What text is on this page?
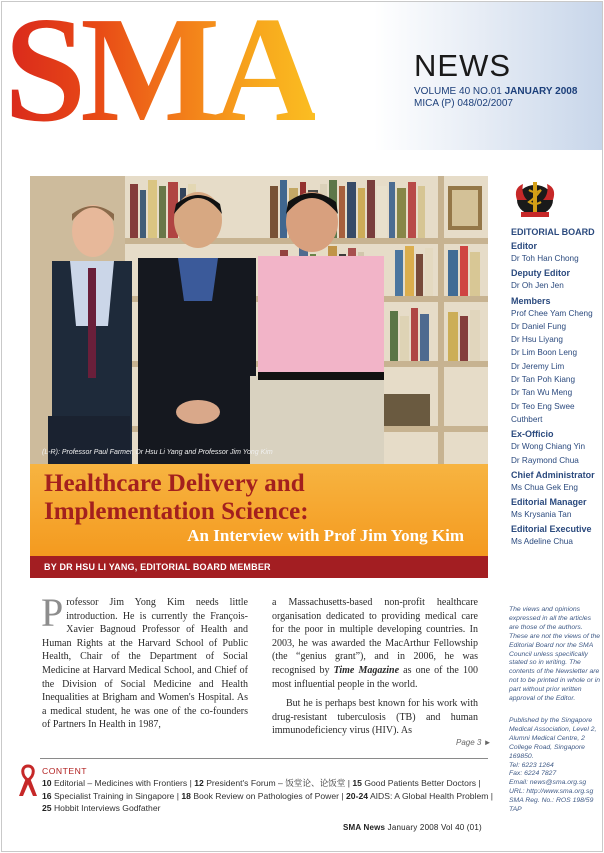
SMA	NEWS
VOLUME 40 NO.01 JANUARY 2008
MICA (P) 048/02/2007
(L-R): Professor Paul Farmer, Dr Hsu Li Yang and Professor Jim Yong Kim
Healthcare Delivery and
Implementation Science:
An Interview with Prof Jim Yong Kim
BY DR HSU LI YANG, EDITORIAL BOARD MEMBER
EDITORIAL BOARD
Editor
Dr Toh Han Chong
Deputy Editor
Dr Oh Jen Jen
Members
Prof Chee Yam Cheng
Dr Daniel Fung
Dr Hsu Liyang
Dr Lim Boon Leng
Dr Jeremy Lim
Dr Tan Poh Kiang
Dr Tan Wu Meng
Dr Teo Eng Swee Cuthbert
Ex-Officio
Dr Wong Chiang Yin
Dr Raymond Chua
Chief Administrator
Ms Chua Gek Eng
Editorial Manager
Ms Krysania Tan
Editorial Executive
Ms Adeline Chua
The views and opinions expressed in all the articles are those of the authors. These are not the views of the Editorial Board nor the SMA Council unless specifically stated so in writing. The contents of the Newsletter are not to be printed in whole or in part without prior written approval of the Editor.
Published by the Singapore Medical Association, Level 2, Alumni Medical Centre, 2 College Road, Singapore 169850.
Tel: 6223 1264
Fax: 6224 7827
Email: news@sma.org.sg
URL: http://www.sma.org.sg
SMA Reg. No.: ROS 198/59 TAP
P rofessor Jim Yong Kim needs little introduction. He is currently the François-Xavier Bagnoud Professor of Health and Human Rights at the Harvard School of Public Health, Chair of the Department of Social Medicine at Harvard Medical School, and Chief of the Division of Social Medicine and Health Inequalities at Brigham and Women's Hospital. As a medical student, he was one of the co-founders of Partners In Health in 1987,

a Massachusetts-based non-profit healthcare organisation dedicated to providing medical care for the poor in multiple developing countries. In 2003, he was awarded the MacArthur Fellowship (the “genius grant”), and in 2006, he was recognised by Time Magazine as one of the 100 most influential people in the world.

But he is perhaps best known for his work with drug-resistant tuberculosis (TB) and human immunodeficiency virus (HIV). As

Page 3 ►
CONTENT
10 Editorial – Medicines with Frontiers | 12 President's Forum – 饭堂论、论饭堂 | 15 Good Patients Better Doctors |
16 Specialist Training in Singapore | 18 Book Review on Pathologies of Power | 20-24 AIDS: A Global Health Problem |
25 Hobbit Interviews Godfather
SMA News January 2008 Vol 40 (01)
